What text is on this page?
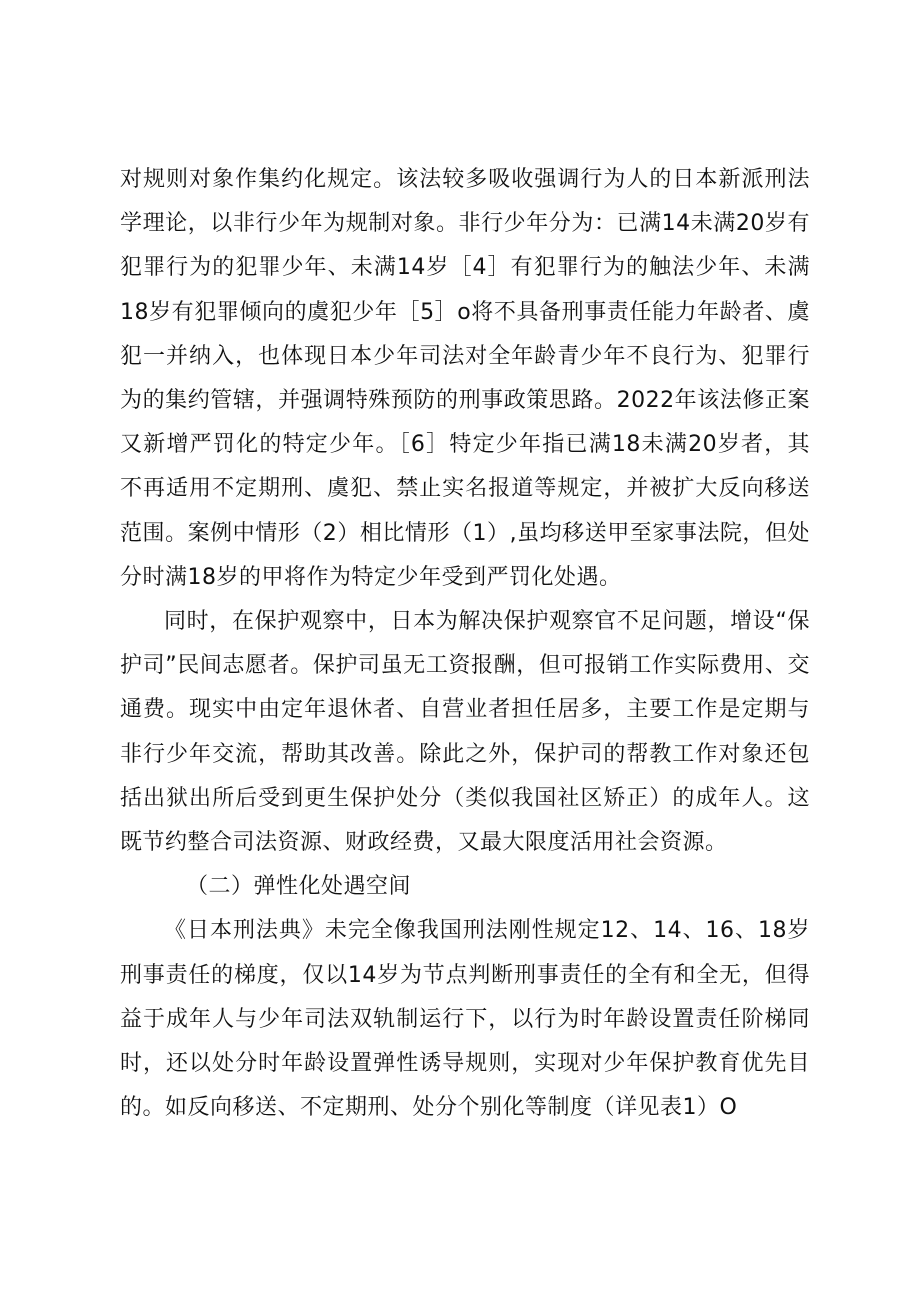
对规则对象作集约化规定。该法较多吸收强调行为人的日本新派刑法学理论，以非行少年为规制对象。非行少年分为：已满14未满20岁有犯罪行为的犯罪少年、未满14岁［4］有犯罪行为的触法少年、未满18岁有犯罪倾向的虞犯少年［5］o将不具备刑事责任能力年龄者、虞犯一并纳入，也体现日本少年司法对全年龄青少年不良行为、犯罪行为的集约管辖，并强调特殊预防的刑事政策思路。2022年该法修正案又新增严罚化的特定少年。［6］特定少年指已满18未满20岁者，其不再适用不定期刑、虞犯、禁止实名报道等规定，并被扩大反向移送范围。案例中情形（2）相比情形（1）,虽均移送甲至家事法院，但处分时满18岁的甲将作为特定少年受到严罚化处遇。

同时，在保护观察中，日本为解决保护观察官不足问题，增设“保护司”民间志愿者。保护司虽无工资报酬，但可报销工作实际费用、交通费。现实中由定年退休者、自营业者担任居多，主要工作是定期与非行少年交流，帮助其改善。除此之外，保护司的帮教工作对象还包括出狱出所后受到更生保护处分（类似我国社区矫正）的成年人。这既节约整合司法资源、财政经费，又最大限度活用社会资源。

（二）弹性化处遇空间

《日本刑法典》未完全像我国刑法刚性规定12、14、16、18岁刑事责任的梯度，仅以14岁为节点判断刑事责任的全有和全无，但得益于成年人与少年司法双轨制运行下，以行为时年龄设置责任阶梯同时，还以处分时年龄设置弹性诱导规则，实现对少年保护教育优先目的。如反向移送、不定期刑、处分个别化等制度（详见表1）O
